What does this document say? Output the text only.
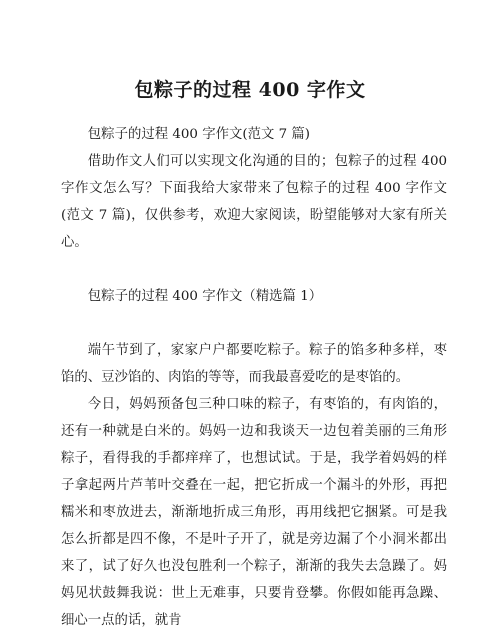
包粽子的过程 400 字作文

包粽子的过程 400 字作文(范文 7 篇)

借助作文人们可以实现文化沟通的目的；包粽子的过程 400 字作文怎么写？下面我给大家带来了包粽子的过程 400 字作文(范文 7 篇)，仅供参考，欢迎大家阅读，盼望能够对大家有所关心。

包粽子的过程 400 字作文（精选篇 1）

端午节到了，家家户户都要吃粽子。粽子的馅多种多样，枣馅的、豆沙馅的、肉馅的等等，而我最喜爱吃的是枣馅的。

今日，妈妈预备包三种口味的粽子，有枣馅的，有肉馅的，还有一种就是白米的。妈妈一边和我谈天一边包着美丽的三角形粽子，看得我的手都痒痒了，也想试试。于是，我学着妈妈的样子拿起两片芦苇叶交叠在一起，把它折成一个漏斗的外形，再把糯米和枣放进去，渐渐地折成三角形，再用线把它捆紧。可是我怎么折都是四不像，不是叶子开了，就是旁边漏了个小洞米都出来了，试了好久也没包胜利一个粽子，渐渐的我失去急躁了。妈妈见状鼓舞我说：世上无难事，只要肯登攀。你假如能再急躁、细心一点的话，就肯
